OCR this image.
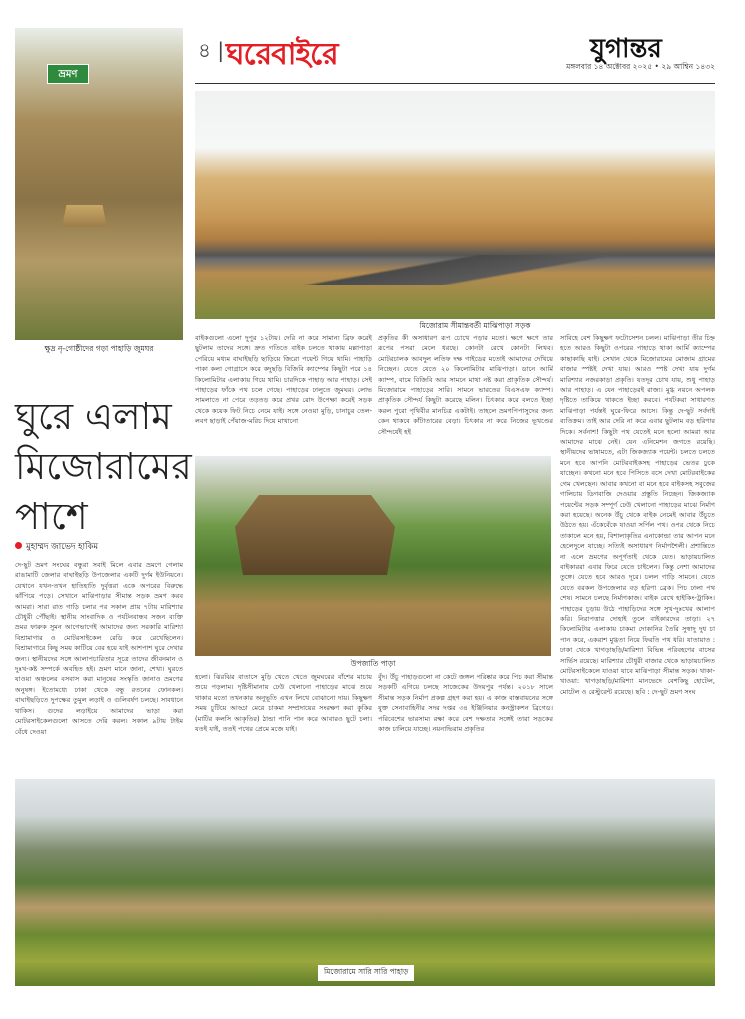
৪ | ঘরেবাইরে	যুগান্তর
মঙ্গলবার ১৪ অক্টোবর ২০২৫ • ২৯ আশ্বিন ১৪৩২
ভ্রমণ
ক্ষুদ্র নৃ-গোষ্ঠীদের গড়া পাহাড়ি জুমঘর
ঘুরে এলাম মিজোরামের পাশে
মুহাম্মদ জাভেদ হাকিম
দে-ছুট ভ্রমণ সংঘের বন্ধুরা সবাই মিলে এবার ভ্রমণে গেলাম রাঙামাটি জেলার বাঘাইছড়ি উপজেলার একটি দুর্গম ইউনিয়নে। যেখানে যখন-তখন হাতিহাতি দুর্বৃত্তরা একে অপরের বিরুদ্ধে ঝাঁপিয়ে পড়ে। সেখানে মাঝিপাড়ার সীমান্ত সড়ক ভ্রমণ করব আমরা। সারা রাত গাড়ি চলার পর সকাল প্রায় ৭টায় মারিশ্যার চৌধুরী পৌঁছাই। স্থানীয় সাংবাদিক ও পর্যটনবান্ধব সজন ব্যক্তি ভ্রমর ফারুক সুমন আগেভাগেই আমাদের জন্য সরকারি মারিশ্যা বিশ্রামাগার ও মোটরসাইকেল রেডি করে রেখেছিলেন। বিশ্রামাগারে কিছু সময় কাটিয়ে বের হয়ে যাই আশপাশ ঘুরে দেখার জন্য। স্থানীয়দের সঙ্গে আলাপচারিতার সূত্রে তাদের জীবনমান ও দুঃখ-কষ্ট সম্পর্কে অবহিত হই। ভ্রমণ মানে জানা, শেখা। ঘুরতে যাওয়া অঞ্চলের বসবাস করা মানুষের সংস্কৃতি জানাও ভ্রমণের অনুষঙ্গ। ইতোমধ্যে ঢাকা থেকে বন্ধু রতনের ফোনকল। বাঘাইছড়িতে দুপক্ষের তুমুল লড়াই ও গুলিবর্ষণ চলছে। সাবধানে থাকিস। গুদের লড়াইয়ে আমাদের ভাড়া করা মোটরসাইকেলগুলো আসতে দেরি করল। সকাল ৯টায় টাইম বেঁধে দেওয়া
মিজোরাম সীমান্তবর্তী মাঝিপাড়া সড়ক
বাইকগুলো এলো দুপুর ১২টায়। দেরি না করে সামান্য ব্রিফ করেই ছুটলাম তাদের সঙ্গে। দ্রুত গতিতে বাইক চলতে থাকায় মল্লাপাড়া পেরিয়ে মধ্যম বাঘাইছড়ি ছাড়িয়ে জিরো পয়েন্ট গিয়ে থামি। পাহাড়ি পাকা কলা গোগ্রাসে করে কদুছড়ি বিজিবি ক্যাম্পের কিছুটা পরে ১৪ কিলোমিটার এলাকায় গিয়ে থামি। চারদিকে পাহাড় আর পাহাড়। সেই পাহাড়ের ফাঁকে পথ চলে গেছে। পাহাড়ের ঢালুতে জুমঘর। লোভ সামলাতে না পেরে তড়তড় করে প্রখর রোদ উপেক্ষা করেই সড়ক থেকে কয়েক ফিট নিচে নেমে যাই। সঙ্গে নেওয়া মুড়ি, চানাচুর তেল-লবণ ছাড়াই পেঁয়াজ-মরিচ দিয়ে মাখানো
প্রকৃতির কী অসাধারণ রূপ চোখে পড়ার মতো। ক্ষণে ক্ষণে তার রূপের পসরা মেলে ধরছে। কোনটা রেখে কোনটা লিখব। মোটরচালক আবদুল লতিফ দক্ষ গাইডের মতোই আমাদের দেখিয়ে নিচ্ছেন। যেতে যেতে ২০ কিলোমিটার মাঝিপাড়া। ডানে আর্মি ক্যাম্প, বামে বিজিবি আর সামনে মাথা নষ্ট করা প্রাকৃতিক সৌন্দর্য। মিজোরামে পাহাড়ের সারি। সামনে ভারতের বিএসএফ ক্যাম্প। প্রাকৃতিক সৌন্দর্য কিছুটা করেছে মলিন। চিৎকার করে বলতে ইচ্ছা করল পুরো পৃথিবীর মানচিত্র একটাই। তাহলে ভ্রমণপিপাসুদের জন্য কেন থাকবে কাঁটাতারের বেড়া। চিৎকার না করে নিজের ভূখণ্ডের সৌন্দর্যেই হই
সাবিহে বেশ কিছুক্ষণ ফটোসেশন চলল। মাঝিপাড়া তীর চিহ্ন হতে আরও কিছুটা ওপরের পাহাড়ে থাকা আর্মি ক্যাম্পের কাছাকাছি যাই। সেখান থেকে মিজোরামের মোজাম গ্রামের বাজার স্পষ্টই দেখা যায়। আরও স্পষ্ট দেখা যায় দুর্গম মারিশ্যার নজরকাড়া প্রকৃতি। যতদূর চোখ যায়, শুধু পাহাড় আর পাহাড়। এ যেন পাহাড়েরই রাজ্য। মুগ্ধ নয়নে অপলক দৃষ্টিতে তাকিয়ে থাকতে ইচ্ছা করবে। পর্যটকরা সাধারণত মাঝিপাড়া পর্যন্তই ঘুরে-ফিরে আসে। কিন্তু দে-ছুট সর্বদাই ব্যতিক্রম। তাই আর দেরি না করে এবার ছুটলাম বড় হরিণার দিকে। সর্বনাশ! কিছুটা পথ যেতেই মনে হলো আমরা আর আমাদের মাঝে নেই। যেন এনিমেশন জগতে রয়েছি। স্থানীয়দের ভাষামতে, এটা জিকজ্যাক পয়েন্ট। চলতে চলতে মনে হবে আপনি মোটরবাইকসহ পাহাড়ের ভেতর ঢুকে যাচ্ছেন। কখনো মনে হবে পিসিতে বসে দেখা মোটরবাইকের গেম খেলছেন। আবার কখনো বা মনে হবে বাইকসহ সবুজের গালিচায় ডিগবাজি দেওয়ার প্রস্তুতি নিচ্ছেন। জিকজ্যাক পয়েন্টের সড়ক সম্পূর্ণ ঢেউ খেলানো পাহাড়ের মাঝে নির্মাণ করা হয়েছে। অনেক উঁচু থেকে বাইক নেমেই আবার উঁচুতে উঠতে হয়। এঁকেবেঁকে যাওয়া সর্পিল পথ। ওপর থেকে নিচে তাকালে মনে হয়, বিশালাকৃতির এনাকোন্ডা তার আপন মনে হেলেদুলে যাচ্ছে। সত্যিই অসাধারণ নির্মাণশৈলী। প্রশান্তিতে না এলে ভ্রমণের অপূর্ণতাই থেকে যেত। ভাড়ায়চালিত বাইকাররা এবার ফিরে যেতে চাইলেন। কিন্তু নেশা আমাদের তুঙ্গে। যেতে হবে আরও দূরে। চলল গাড়ি সামনে। যেতে যেতে বরকল উপজেলার বড় হরিণা ব্রেক। পিচ ঢালা পথ শেষ। সামনে চলছে নির্মাণকাজ। বাইক রেখে হাইকিং-ট্রাকিং। পাহাড়ের চূড়ায় উঠে পাহাড়িদের সঙ্গে সুখ-দুঃখের আলাপ করি। নিরাপত্তার দোহাই তুলে বাইকারদের তাড়া। ২৭ কিলোমিটার এলাকায় চাকমা দোকানির তৈরি সুস্বাদু দুধ চা পান করে, একরাশ মুগ্ধতা নিয়ে ফিরতি পথ ধরি। যাতায়াত : ঢাকা থেকে খাগড়াছড়ি/মারিশ্যা বিভিন্ন পরিবহণের বাসের সার্ভিস রয়েছে। মারিশ্যার চৌধুরী বাজার থেকে ভাড়ায়চালিত মোটরসাইকেলে যাওয়া যাবে মাঝিপাড়া সীমান্ত সড়ক। থাকা-খাওয়া: খাগড়াছড়ি/মারিশ্যা মানভেদে বেশকিছু হোটেল, মোটেল ও রেস্টুরেন্ট রয়েছে। ছবি : দে-ছুট ভ্রমণ সংঘ
উপজাতি পাড়া
হলো। ঝিরঝির বাতাসে মুড়ি খেতে খেতে জুমঘরের বাঁশের মাচায় শুয়ে পড়লাম। দৃষ্টিসীমানায় ঢেউ খেলানো পাহাড়ের মাঝে শুয়ে থাকার মতো তখনকার অনুভূতি এখন লিখে বোঝানো দায়। কিছুক্ষণ সময় চুটিয়ে আড্ডা মেরে চাকমা সম্প্রদায়ের সংরক্ষণ করা কুকির (মাটির কলসি আকৃতির) ঠান্ডা পানি পান করে আবারও ছুটে চলা। যতই যাই, ততই পথের প্রেমে মজে যাই।
বুঁদ। উঁচু পাহাড়গুলো না কেটে জঙ্গল পরিষ্কার করে পিচ করা সীমান্ত সড়কটি এগিয়ে চলছে সাজেকের উদয়পুর পর্যন্ত। ২০১৮ সালে সীমান্ত সড়ক নির্মাণ প্রকল্প গ্রহণ করা হয়। এ কাজ বাস্তবায়নের সঙ্গে যুক্ত সেনাবাহিনীর সদর দপ্তর ৩৪ ইঞ্জিনিয়ার কনস্ট্রাকশন ব্রিগেড। পরিবেশের ভারসাম্য রক্ষা করে বেশ দক্ষতার সঙ্গেই তারা সড়কের কাজ চালিয়ে যাচ্ছে। নয়নাভিরাম প্রকৃতির
মিজোরামে সারি সারি পাহাড়
